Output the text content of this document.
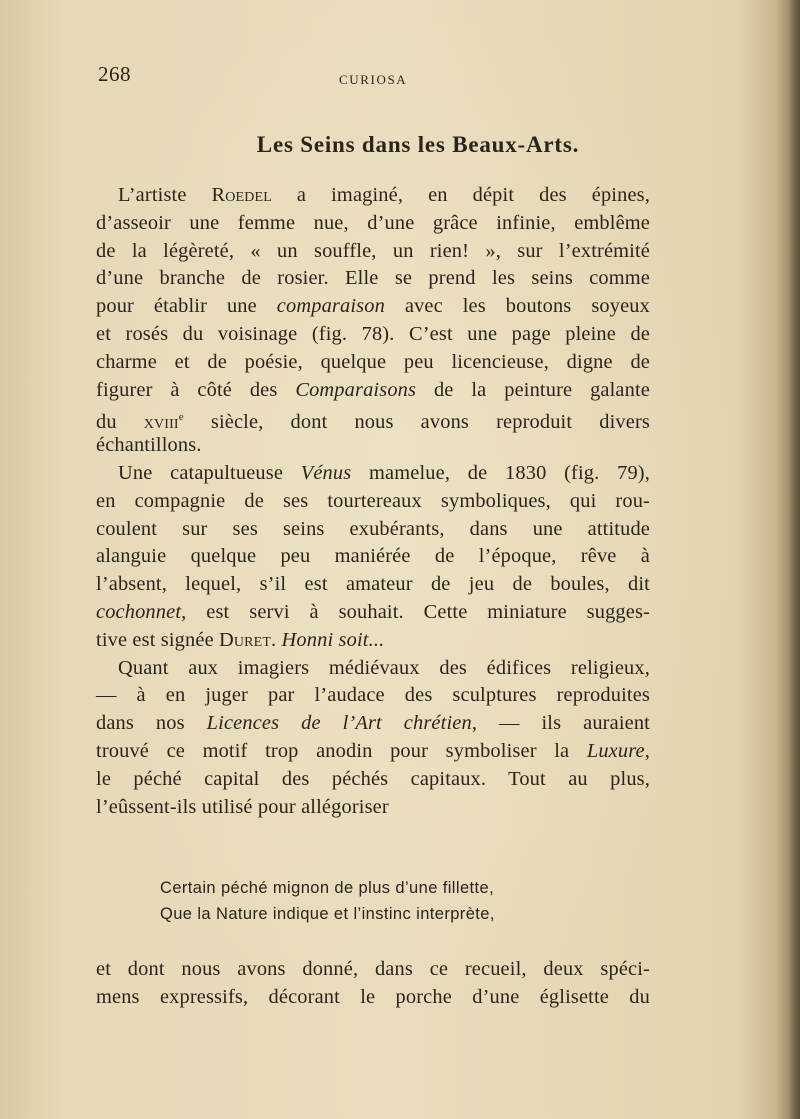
268	CURIOSA
Les Seins dans les Beaux-Arts.
L’artiste Roedel a imaginé, en dépit des épines,
d’asseoir une femme nue, d’une grâce infinie, emblême
de la légèreté, « un souffle, un rien! », sur l’extrémité
d’une branche de rosier. Elle se prend les seins comme
pour établir une comparaison avec les boutons soyeux
et rosés du voisinage (fig. 78). C’est une page pleine de
charme et de poésie, quelque peu licencieuse, digne de
figurer à côté des Comparaisons de la peinture galante
du xviii$^e$ siècle, dont nous avons reproduit divers
échantillons.
Une catapultueuse Vénus mamelue, de 1830 (fig. 79),
en compagnie de ses tourtereaux symboliques, qui rou-
coulent sur ses seins exubérants, dans une attitude
alanguie quelque peu maniérée de l’époque, rêve à
l’absent, lequel, s’il est amateur de jeu de boules, dit
cochonnet, est servi à souhait. Cette miniature sugges-
tive est signée Duret. Honni soit...
Quant aux imagiers médiévaux des édifices religieux,
— à en juger par l’audace des sculptures reproduites
dans nos Licences de l’Art chrétien, — ils auraient
trouvé ce motif trop anodin pour symboliser la Luxure,
le péché capital des péchés capitaux. Tout au plus,
l’eûssent-ils utilisé pour allégoriser
Certain péché mignon de plus d’une fillette,
Que la Nature indique et l’instinc interprète,
et dont nous avons donné, dans ce recueil, deux spéci-
mens expressifs, décorant le porche d’une églisette du
